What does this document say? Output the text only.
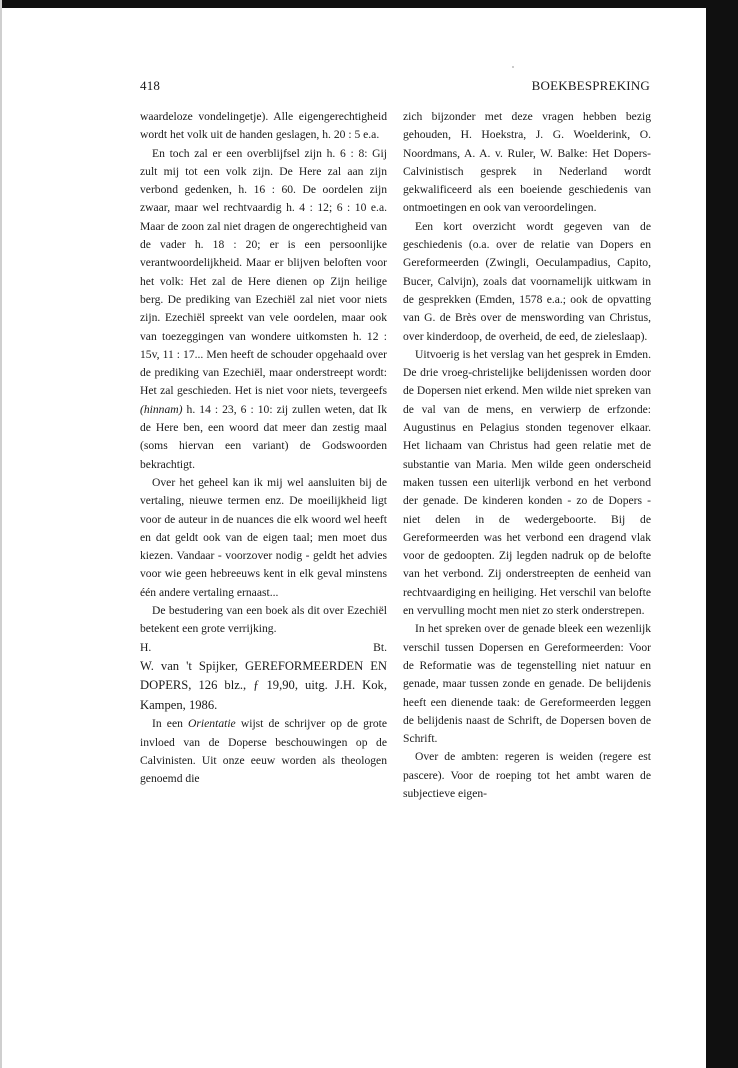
418	BOEKBESPREKING

waardeloze vondelingetje). Alle eigengerechtigheid wordt het volk uit de handen geslagen, h. 20 : 5 e.a.

En toch zal er een overblijfsel zijn h. 6 : 8: Gij zult mij tot een volk zijn. De Here zal aan zijn verbond gedenken, h. 16 : 60. De oordelen zijn zwaar, maar wel rechtvaardig h. 4 : 12; 6 : 10 e.a. Maar de zoon zal niet dragen de ongerechtigheid van de vader h. 18 : 20; er is een persoonlijke verantwoordelijkheid. Maar er blijven beloften voor het volk: Het zal de Here dienen op Zijn heilige berg. De prediking van Ezechiël zal niet voor niets zijn. Ezechiël spreekt van vele oordelen, maar ook van toezeggingen van wondere uitkomsten h. 12 : 15v, 11 : 17... Men heeft de schouder opgehaald over de prediking van Ezechiël, maar onderstreept wordt: Het zal geschieden. Het is niet voor niets, tevergeefs (hinnam) h. 14 : 23, 6 : 10: zij zullen weten, dat Ik de Here ben, een woord dat meer dan zestig maal (soms hiervan een variant) de Godswoorden bekrachtigt.

Over het geheel kan ik mij wel aansluiten bij de vertaling, nieuwe termen enz. De moeilijkheid ligt voor de auteur in de nuances die elk woord wel heeft en dat geldt ook van de eigen taal; men moet dus kiezen. Vandaar - voorzover nodig - geldt het advies voor wie geen hebreeuws kent in elk geval minstens één andere vertaling ernaast...

De bestudering van een boek als dit over Ezechiël betekent een grote verrijking.

H.	Bt.

W. van 't Spijker, GEREFORMEERDEN EN DOPERS, 126 blz., ƒ 19,90, uitg. J.H. Kok, Kampen, 1986.

In een Orientatie wijst de schrijver op de grote invloed van de Doperse beschouwingen op de Calvinisten. Uit onze eeuw worden als theologen genoemd die

zich bijzonder met deze vragen hebben bezig gehouden, H. Hoekstra, J. G. Woelderink, O. Noordmans, A. A. v. Ruler, W. Balke: Het Dopers-Calvinistisch gesprek in Nederland wordt gekwalificeerd als een boeiende geschiedenis van ontmoetingen en ook van veroordelingen.

Een kort overzicht wordt gegeven van de geschiedenis (o.a. over de relatie van Dopers en Gereformeerden (Zwingli, Oeculampadius, Capito, Bucer, Calvijn), zoals dat voornamelijk uitkwam in de gesprekken (Emden, 1578 e.a.; ook de opvatting van G. de Brès over de menswording van Christus, over kinderdoop, de overheid, de eed, de zieleslaap).

Uitvoerig is het verslag van het gesprek in Emden. De drie vroeg-christelijke belijdenissen worden door de Dopersen niet erkend. Men wilde niet spreken van de val van de mens, en verwierp de erfzonde: Augustinus en Pelagius stonden tegenover elkaar. Het lichaam van Christus had geen relatie met de substantie van Maria. Men wilde geen onderscheid maken tussen een uiterlijk verbond en het verbond der genade. De kinderen konden - zo de Dopers - niet delen in de wedergeboorte. Bij de Gereformeerden was het verbond een dragend vlak voor de gedoopten. Zij legden nadruk op de belofte van het verbond. Zij onderstreepten de eenheid van rechtvaardiging en heiliging. Het verschil van belofte en vervulling mocht men niet zo sterk onderstrepen.

In het spreken over de genade bleek een wezenlijk verschil tussen Dopersen en Gereformeerden: Voor de Reformatie was de tegenstelling niet natuur en genade, maar tussen zonde en genade. De belijdenis heeft een dienende taak: de Gereformeerden leggen de belijdenis naast de Schrift, de Dopersen boven de Schrift.

Over de ambten: regeren is weiden (regere est pascere). Voor de roeping tot het ambt waren de subjectieve eigen-
